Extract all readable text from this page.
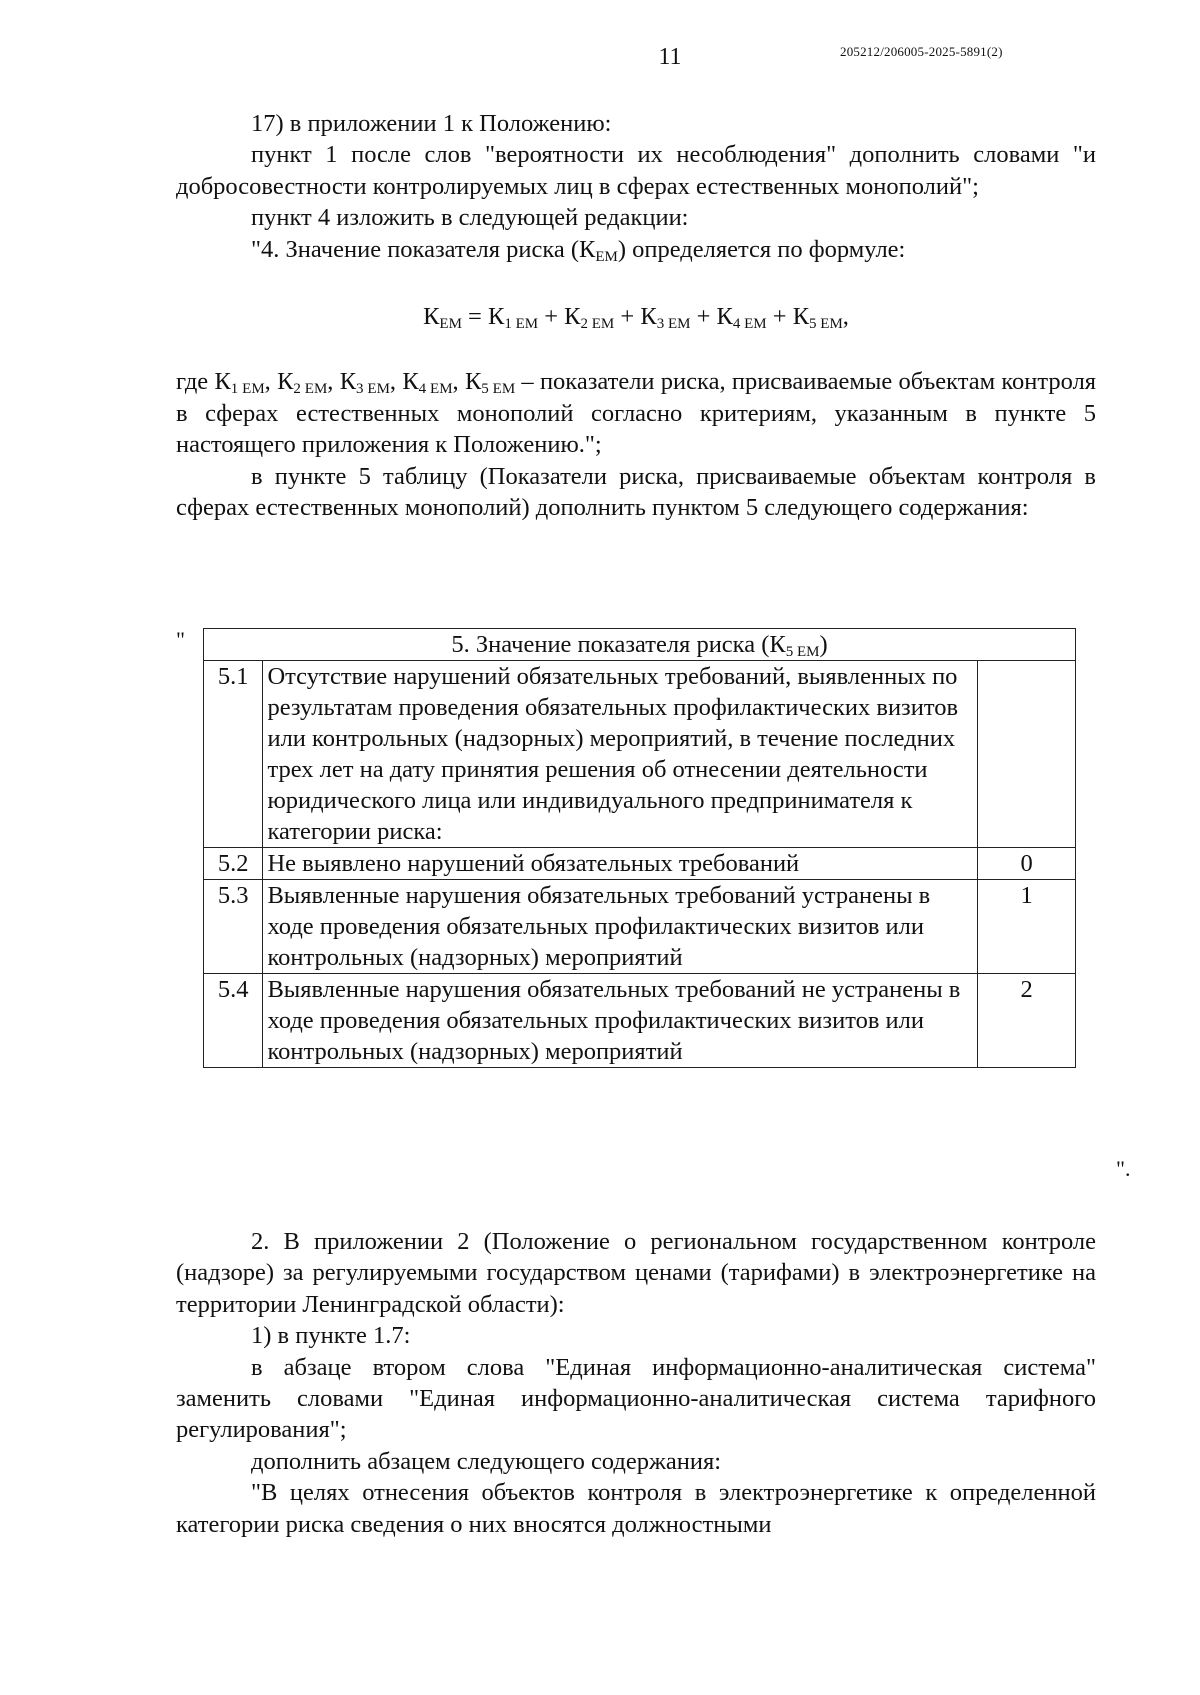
11	205212/206005-2025-5891(2)

17) в приложении 1 к Положению:

пункт 1 после слов "вероятности их несоблюдения" дополнить словами "и добросовестности контролируемых лиц в сферах естественных монополий";

пункт 4 изложить в следующей редакции:

"4. Значение показателя риска $(К_{ЕМ})$ определяется по формуле:

$К_{ЕМ} = К_{1 ЕМ} + К_{2 ЕМ} + К_{3 ЕМ} + К_{4 ЕМ} + К_{5 ЕМ}$,

где $К_{1 ЕМ}$, $К_{2 ЕМ}$, $К_{3 ЕМ}$, $К_{4 ЕМ}$, $К_{5 ЕМ}$ – показатели риска, присваиваемые объектам контроля в сферах естественных монополий согласно критериям, указанным в пункте 5 настоящего приложения к Положению.";

в пункте 5 таблицу (Показатели риска, присваиваемые объектам контроля в сферах естественных монополий) дополнить пунктом 5 следующего содержания:

"	5. Значение показателя риска $(К_{5 ЕМ})$		
5.1	Отсутствие нарушений обязательных требований, выявленных по результатам проведения обязательных профилактических визитов или контрольных (надзорных) мероприятий, в течение последних трех лет на дату принятия решения об отнесении деятельности юридического лица или индивидуального предпринимателя к категории риска:	
5.2	Не выявлено нарушений обязательных требований	0
5.3	Выявленные нарушения обязательных требований устранены в ходе проведения обязательных профилактических визитов или контрольных (надзорных) мероприятий	1
5.4	Выявленные нарушения обязательных требований не устранены в ходе проведения обязательных профилактических визитов или контрольных (надзорных) мероприятий	2
".

2. В приложении 2 (Положение о региональном государственном контроле (надзоре) за регулируемыми государством ценами (тарифами) в электроэнергетике на территории Ленинградской области):

1) в пункте 1.7:

в абзаце втором слова "Единая информационно-аналитическая система" заменить словами "Единая информационно-аналитическая система тарифного регулирования";

дополнить абзацем следующего содержания:

"В целях отнесения объектов контроля в электроэнергетике к определенной категории риска сведения о них вносятся должностными
